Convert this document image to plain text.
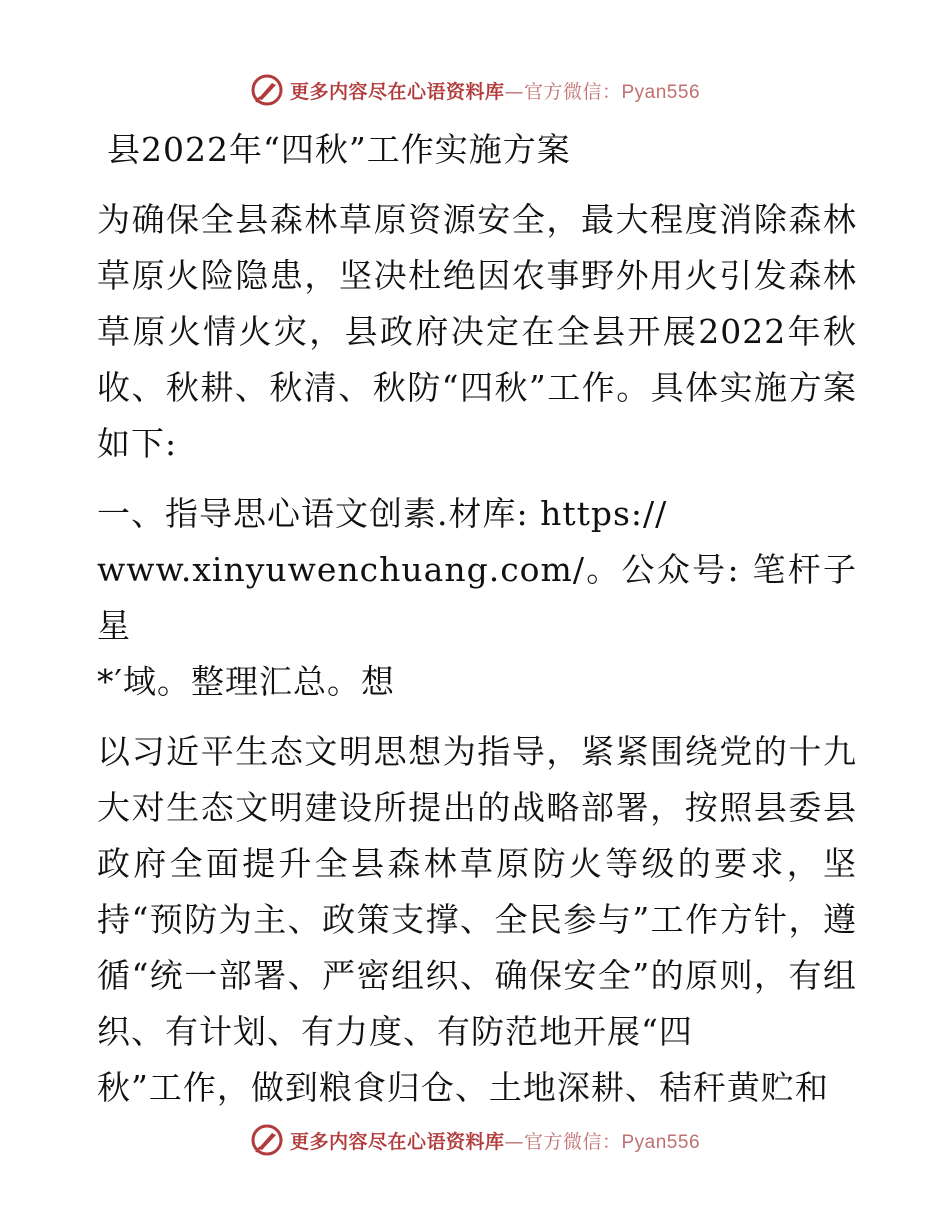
更多内容尽在心语资料库—官方微信：Pyan556

县2022年“四秋”工作实施方案

为确保全县森林草原资源安全，最大程度消除森林草原火险隐患，坚决杜绝因农事野外用火引发森林草原火情火灾，县政府决定在全县开展2022年秋收、秋耕、秋清、秋防“四秋”工作。具体实施方案如下:

一、指导思心语文创素.材库: https://
www.xinyuwenchuang.com/。公众号: 笔杆子星
*′域。整理汇总。想

以习近平生态文明思想为指导，紧紧围绕党的十九大对生态文明建设所提出的战略部署，按照县委县政府全面提升全县森林草原防火等级的要求，坚持“预防为主、政策支撑、全民参与”工作方针，遵循“统一部署、严密组织、确保安全”的原则，有组织、有计划、有力度、有防范地开展“四
秋”工作，做到粮食归仓、土地深耕、秸秆黄贮和

更多内容尽在心语资料库—官方微信：Pyan556
